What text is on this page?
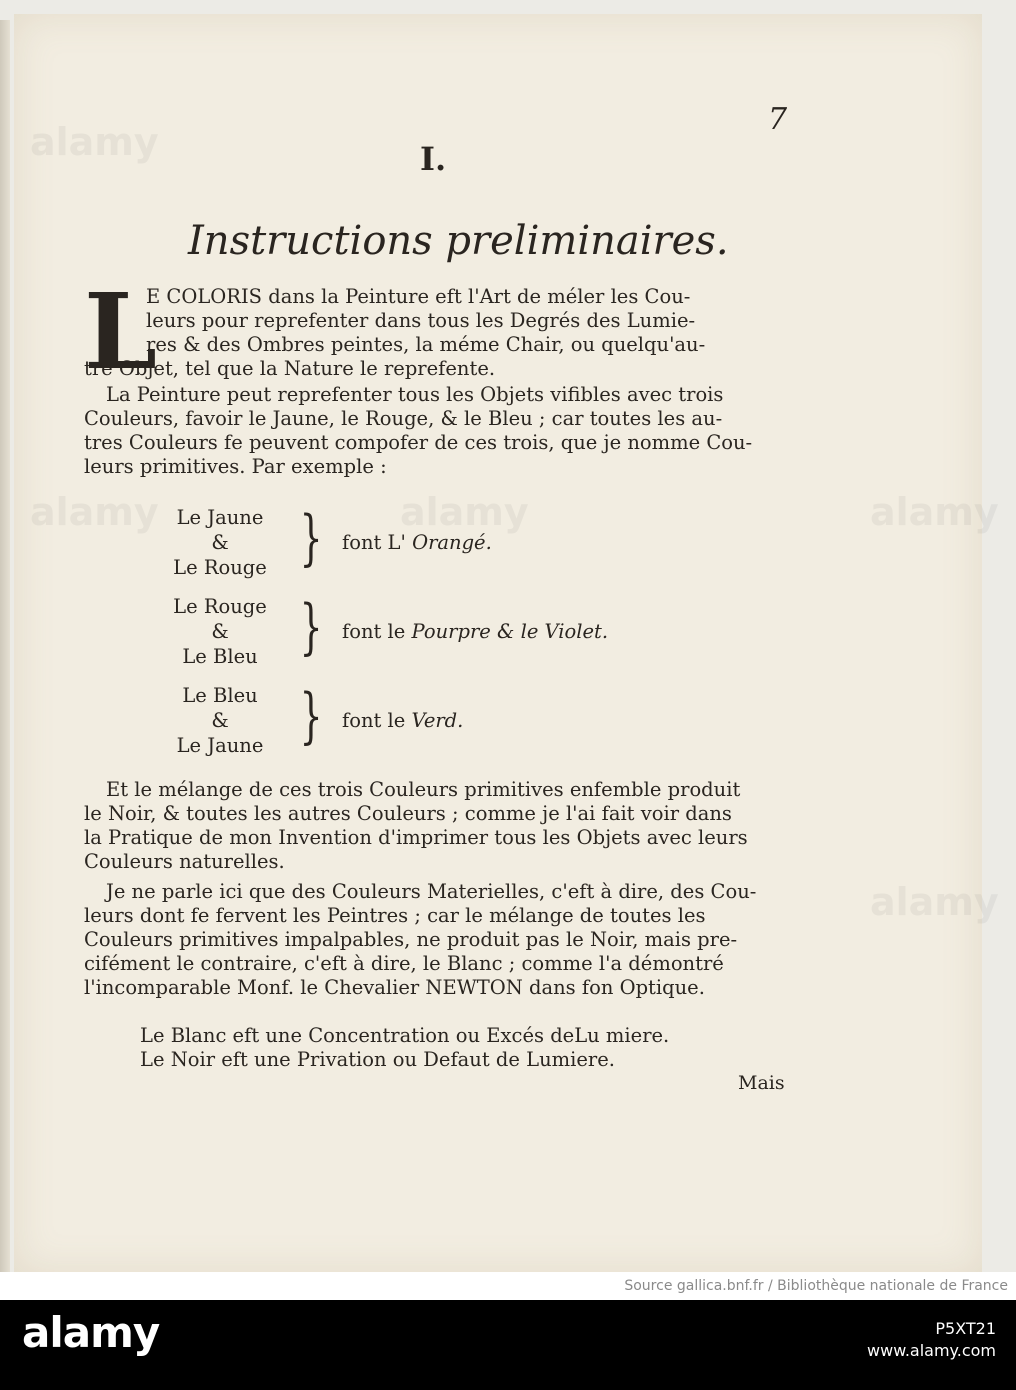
alamy	alamy	alamy
alamy
alamy
7
I.
Instructions preliminaires.
L
E COLORIS dans la Peinture eft l'Art de méler les Cou-
leurs pour reprefenter dans tous les Degrés des Lumie-
res & des Ombres peintes, la méme Chair, ou quelqu'au-
tre Objet, tel que la Nature le reprefente.
La Peinture peut reprefenter tous les Objets vifibles avec trois
Couleurs, favoir le Jaune, le Rouge, & le Bleu ; car toutes les au-
tres Couleurs fe peuvent compofer de ces trois, que je nomme Cou-
leurs primitives. Par exemple :
Le Jaune
&
Le Rouge } font L' Orangé.
Le Rouge
&
Le Bleu } font le Pourpre & le Violet.
Le Bleu
&
Le Jaune } font le Verd.
Et le mélange de ces trois Couleurs primitives enfemble produit
le Noir, & toutes les autres Couleurs ; comme je l'ai fait voir dans
la Pratique de mon Invention d'imprimer tous les Objets avec leurs
Couleurs naturelles.
Je ne parle ici que des Couleurs Materielles, c'eft à dire, des Cou-
leurs dont fe fervent les Peintres ; car le mélange de toutes les
Couleurs primitives impalpables, ne produit pas le Noir, mais pre-
cifément le contraire, c'eft à dire, le Blanc ; comme l'a démontré
l'incomparable Monf. le Chevalier NEWTON dans fon Optique.
Le Blanc eft une Concentration ou Excés deLu miere.
Le Noir eft une Privation ou Defaut de Lumiere.
Mais
Source gallica.bnf.fr / Bibliothèque nationale de France
alamy	P5XT21
www.alamy.com
